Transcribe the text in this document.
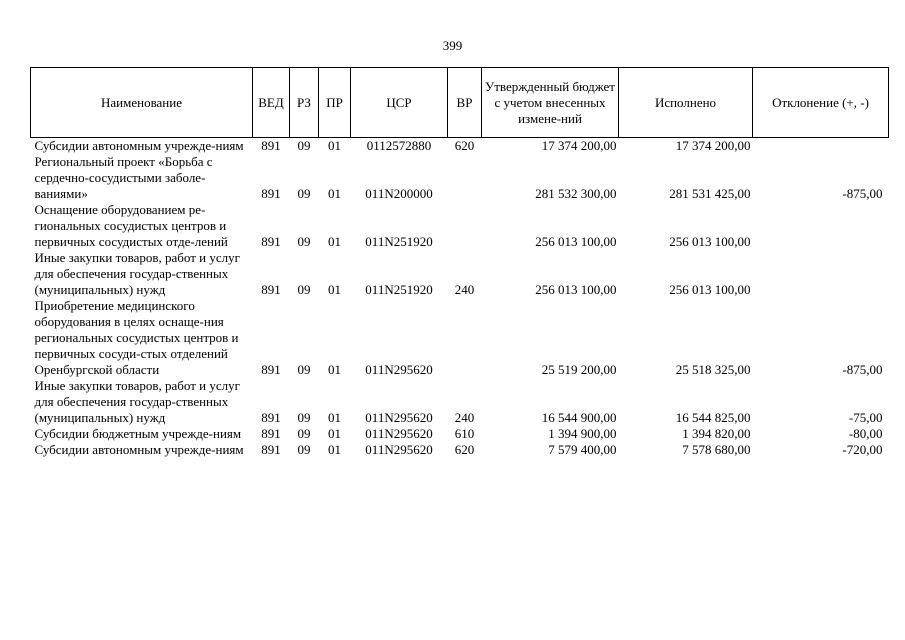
399
Наименование	ВЕД	РЗ	ПР	ЦСР	ВР	Утвержденный бюджет с учетом внесенных измене-ний	Исполнено	Отклонение (+, -)
Субсидии автономным учрежде-ниям	891	09	01	0112572880	620	17 374 200,00	17 374 200,00	
Региональный проект «Борьба с сердечно-сосудистыми заболе-ваниями»	891	09	01	011N200000		281 532 300,00	281 531 425,00	-875,00
Оснащение оборудованием ре-гиональных сосудистых центров и первичных сосудистых отде-лений	891	09	01	011N251920		256 013 100,00	256 013 100,00	
Иные закупки товаров, работ и услуг для обеспечения государ-ственных (муниципальных) нужд	891	09	01	011N251920	240	256 013 100,00	256 013 100,00	
Приобретение медицинского оборудования в целях оснаще-ния региональных сосудистых центров и первичных сосуди-стых отделений Оренбургской области	891	09	01	011N295620		25 519 200,00	25 518 325,00	-875,00
Иные закупки товаров, работ и услуг для обеспечения государ-ственных (муниципальных) нужд	891	09	01	011N295620	240	16 544 900,00	16 544 825,00	-75,00
Субсидии бюджетным учрежде-ниям	891	09	01	011N295620	610	1 394 900,00	1 394 820,00	-80,00
Субсидии автономным учрежде-ниям	891	09	01	011N295620	620	7 579 400,00	7 578 680,00	-720,00
